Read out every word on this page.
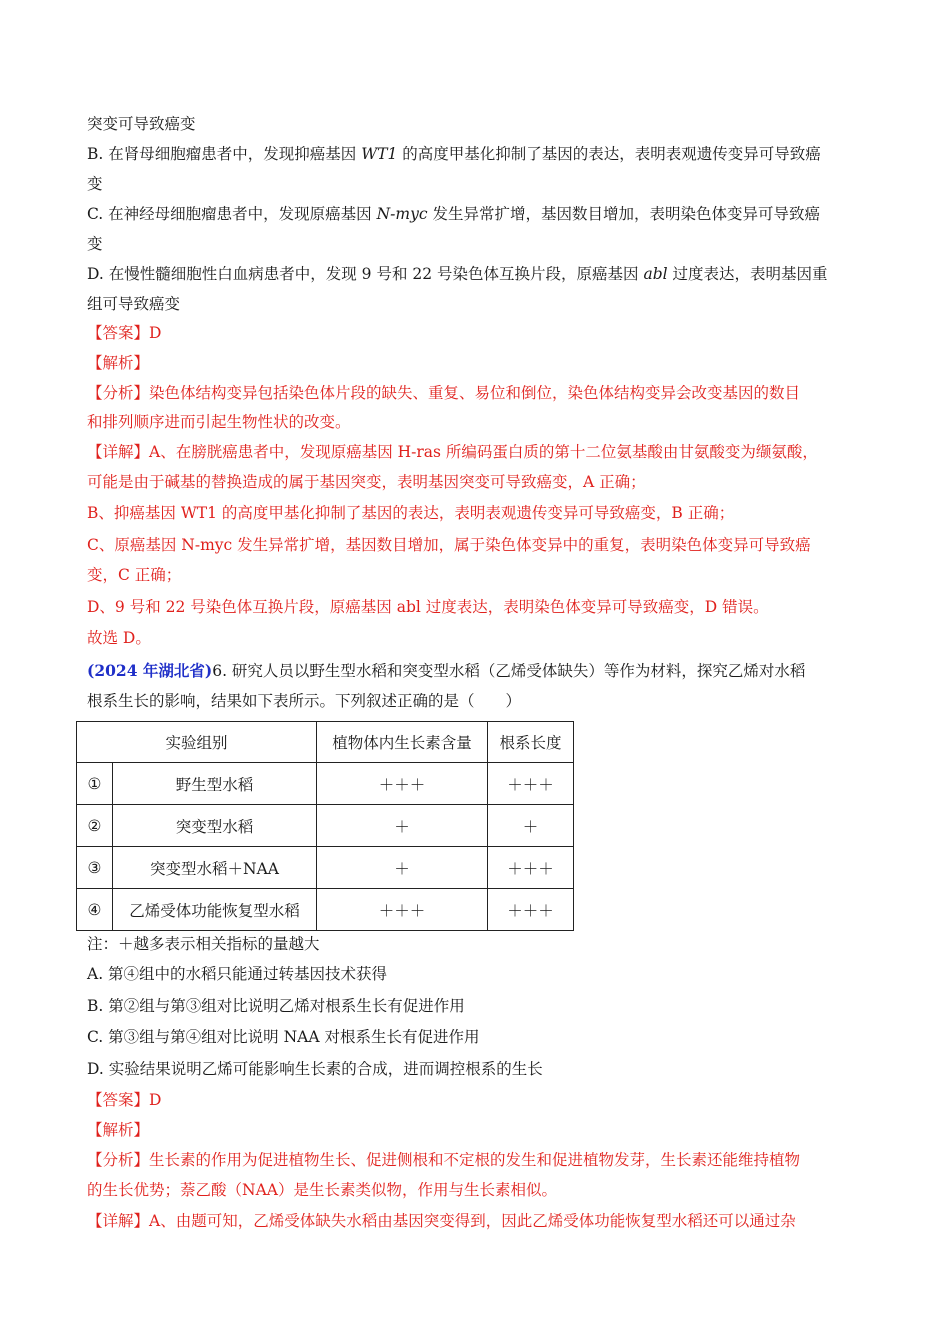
突变可导致癌变
B. 在肾母细胞瘤患者中，发现抑癌基因 WT1 的高度甲基化抑制了基因的表达，表明表观遗传变异可导致癌
变
C. 在神经母细胞瘤患者中，发现原癌基因 N-myc 发生异常扩增，基因数目增加，表明染色体变异可导致癌
变
D. 在慢性髓细胞性白血病患者中，发现 9 号和 22 号染色体互换片段，原癌基因 abl 过度表达，表明基因重
组可导致癌变
【答案】D
【解析】
【分析】染色体结构变异包括染色体片段的缺失、重复、易位和倒位，染色体结构变异会改变基因的数目
和排列顺序进而引起生物性状的改变。
【详解】A、在膀胱癌患者中，发现原癌基因 H-ras 所编码蛋白质的第十二位氨基酸由甘氨酸变为缬氨酸，
可能是由于碱基的替换造成的属于基因突变，表明基因突变可导致癌变，A 正确；
B、抑癌基因 WT1 的高度甲基化抑制了基因的表达，表明表观遗传变异可导致癌变，B 正确；
C、原癌基因 N-myc 发生异常扩增，基因数目增加，属于染色体变异中的重复，表明染色体变异可导致癌
变，C 正确；
D、9 号和 22 号染色体互换片段，原癌基因 abl 过度表达，表明染色体变异可导致癌变，D 错误。
故选 D。
(2024 年湖北省)6. 研究人员以野生型水稻和突变型水稻（乙烯受体缺失）等作为材料，探究乙烯对水稻
根系生长的影响，结果如下表所示。下列叙述正确的是（　　）
实验组别		植物体内生长素含量	根系长度
①	野生型水稻	＋＋＋	＋＋＋
②	突变型水稻	＋	＋
③	突变型水稻＋NAA	＋	＋＋＋
④	乙烯受体功能恢复型水稻	＋＋＋	＋＋＋
注：＋越多表示相关指标的量越大
A. 第④组中的水稻只能通过转基因技术获得
B. 第②组与第③组对比说明乙烯对根系生长有促进作用
C. 第③组与第④组对比说明 NAA 对根系生长有促进作用
D. 实验结果说明乙烯可能影响生长素的合成，进而调控根系的生长
【答案】D
【解析】
【分析】生长素的作用为促进植物生长、促进侧根和不定根的发生和促进植物发芽，生长素还能维持植物
的生长优势；萘乙酸（NAA）是生长素类似物，作用与生长素相似。
【详解】A、由题可知，乙烯受体缺失水稻由基因突变得到，因此乙烯受体功能恢复型水稻还可以通过杂
